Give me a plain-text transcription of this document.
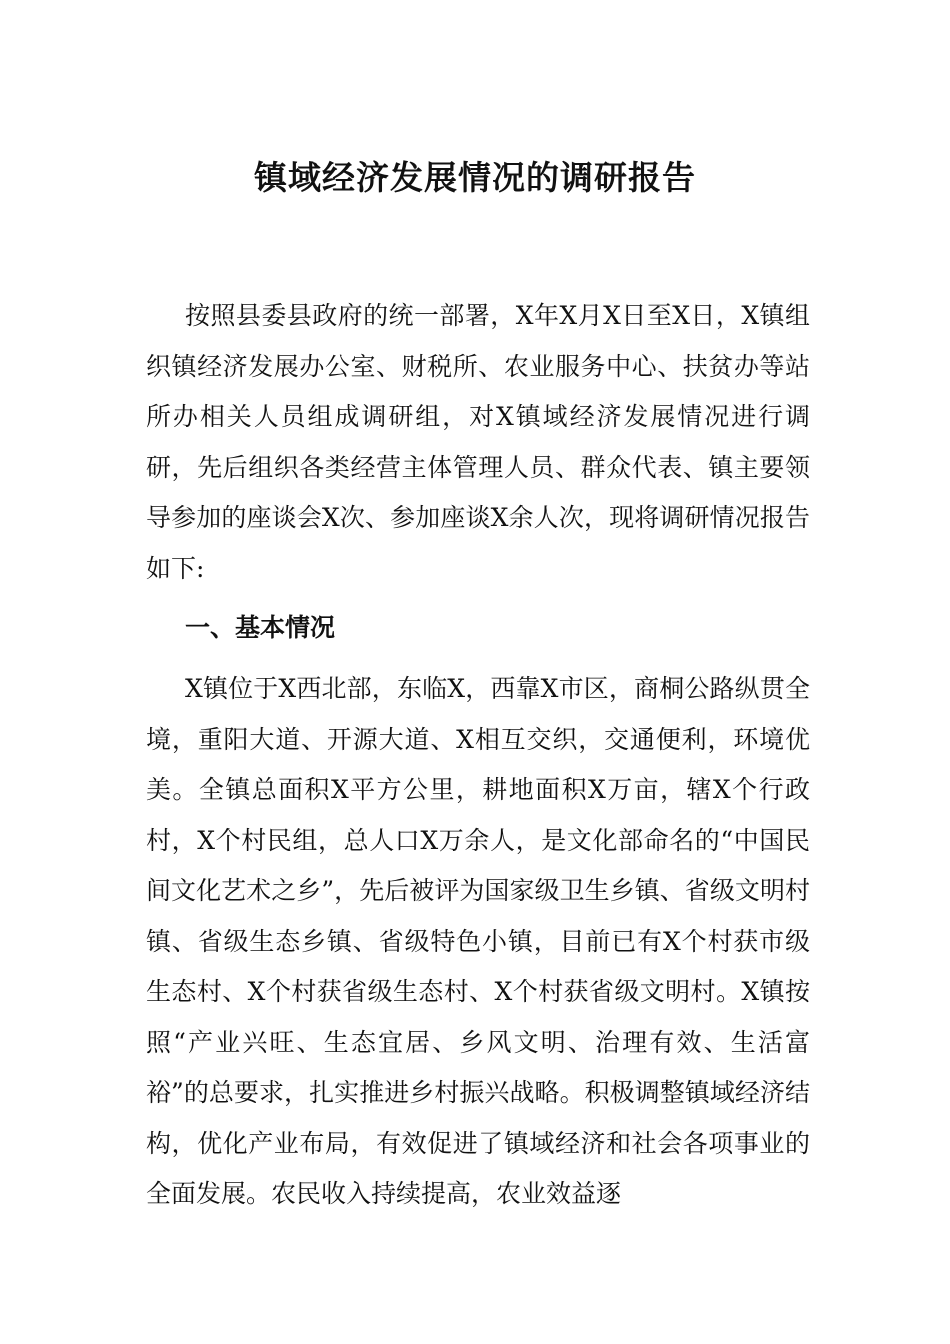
镇域经济发展情况的调研报告

按照县委县政府的统一部署，X年X月X日至X日，X镇组织镇经济发展办公室、财税所、农业服务中心、扶贫办等站所办相关人员组成调研组，对X镇域经济发展情况进行调研，先后组织各类经营主体管理人员、群众代表、镇主要领导参加的座谈会X次、参加座谈X余人次，现将调研情况报告如下:

一、基本情况

X镇位于X西北部，东临X，西靠X市区，商桐公路纵贯全境，重阳大道、开源大道、X相互交织，交通便利，环境优美。全镇总面积X平方公里，耕地面积X万亩，辖X个行政村，X个村民组，总人口X万余人，是文化部命名的“中国民间文化艺术之乡”，先后被评为国家级卫生乡镇、省级文明村镇、省级生态乡镇、省级特色小镇，目前已有X个村获市级生态村、X个村获省级生态村、X个村获省级文明村。X镇按照“产业兴旺、生态宜居、乡风文明、治理有效、生活富裕”的总要求，扎实推进乡村振兴战略。积极调整镇域经济结构，优化产业布局，有效促进了镇域经济和社会各项事业的全面发展。农民收入持续提高，农业效益逐
